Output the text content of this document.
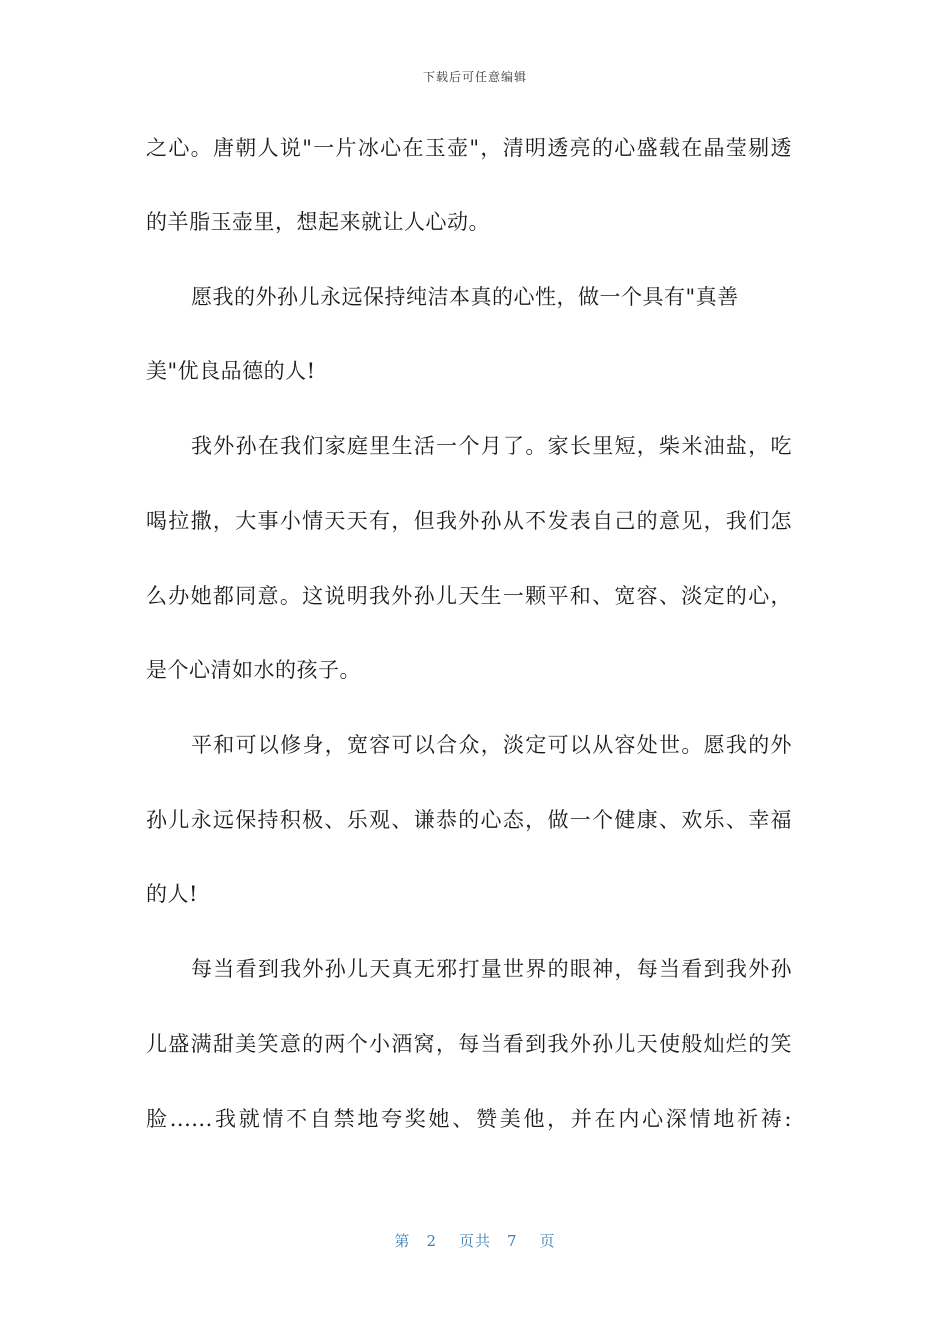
下载后可任意编辑
之心。唐朝人说"一片冰心在玉壶"，清明透亮的心盛载在晶莹剔透
的羊脂玉壶里，想起来就让人心动。
愿我的外孙儿永远保持纯洁本真的心性，做一个具有"真善
美"优良品德的人!
我外孙在我们家庭里生活一个月了。家长里短，柴米油盐，吃
喝拉撒，大事小情天天有，但我外孙从不发表自己的意见，我们怎
么办她都同意。这说明我外孙儿天生一颗平和、宽容、淡定的心，
是个心清如水的孩子。
平和可以修身，宽容可以合众，淡定可以从容处世。愿我的外
孙儿永远保持积极、乐观、谦恭的心态，做一个健康、欢乐、幸福
的人!
每当看到我外孙儿天真无邪打量世界的眼神，每当看到我外孙
儿盛满甜美笑意的两个小酒窝，每当看到我外孙儿天使般灿烂的笑
脸......我就情不自禁地夸奖她、赞美他，并在内心深情地祈祷:
第 2 页共 7 页
